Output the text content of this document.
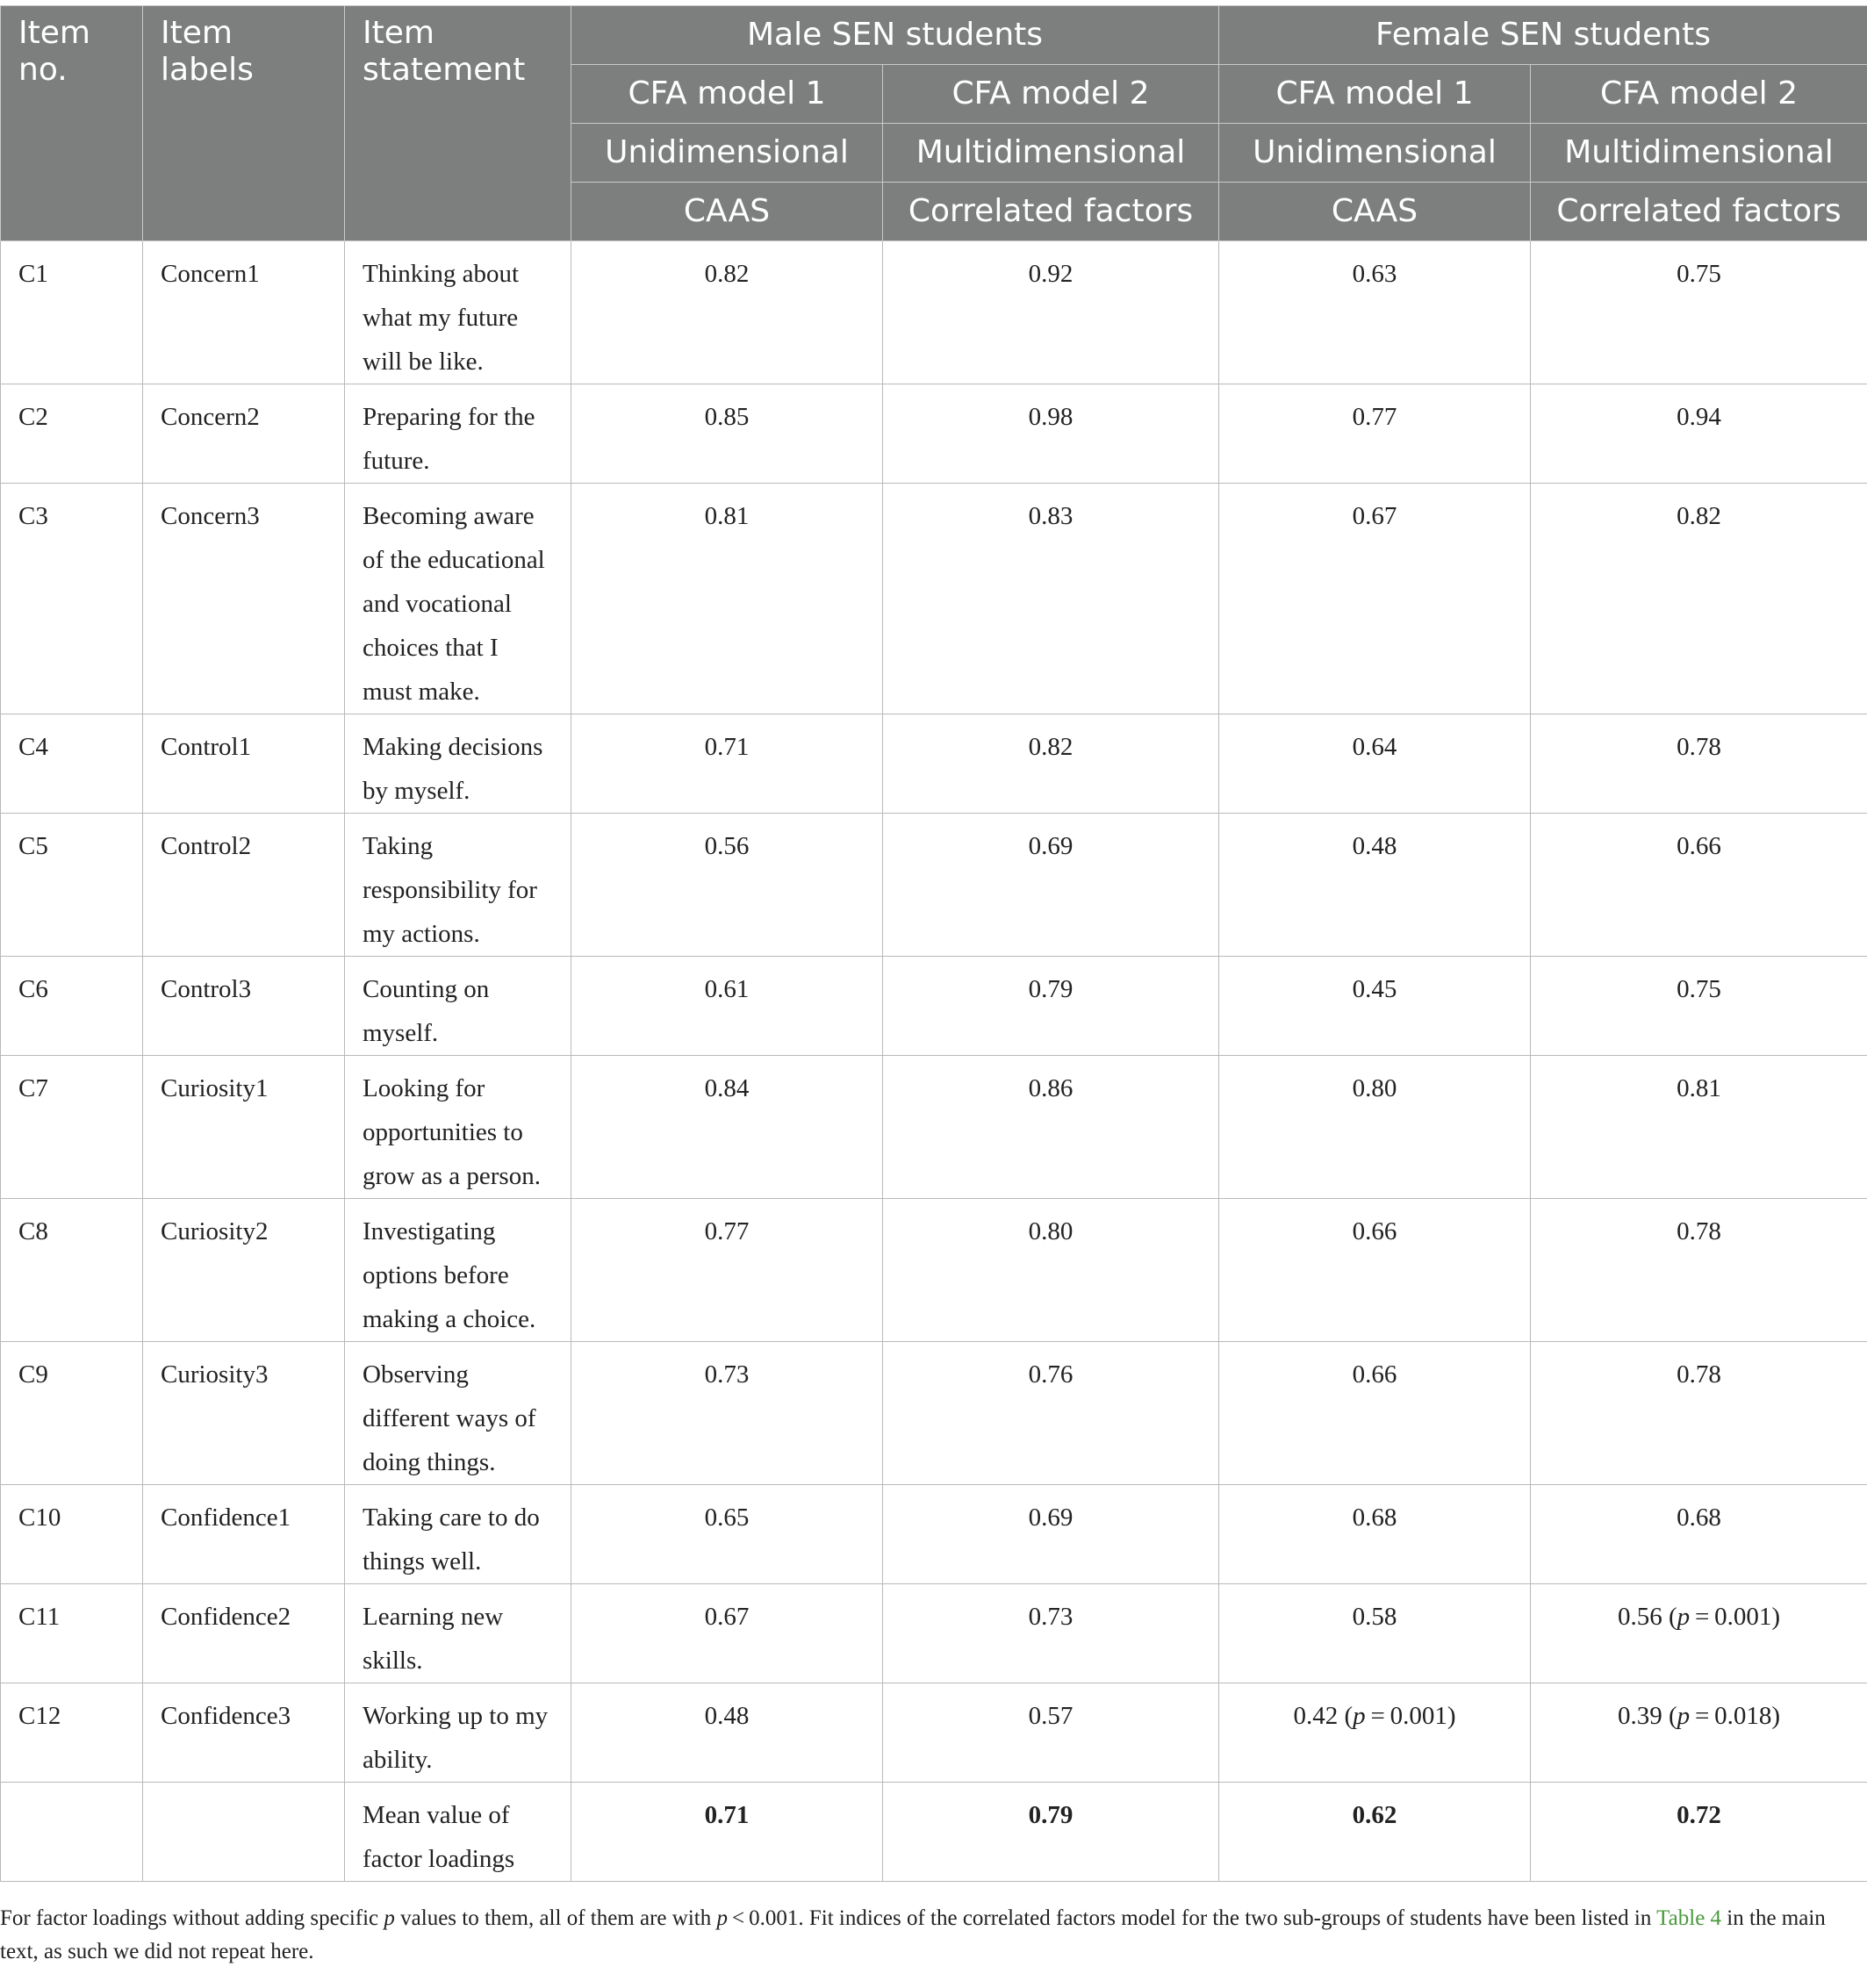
Item no.	Item labels	Item statement	Male SEN students		Female SEN students	
			CFA model 1	CFA model 2	CFA model 1	CFA model 2
			Unidimensional	Multidimensional	Unidimensional	Multidimensional
			CAAS	Correlated factors	CAAS	Correlated factors
C1	Concern1	Thinking about what my future will be like.	0.82	0.92	0.63	0.75
C2	Concern2	Preparing for the future.	0.85	0.98	0.77	0.94
C3	Concern3	Becoming aware of the educational and vocational choices that I must make.	0.81	0.83	0.67	0.82
C4	Control1	Making decisions by myself.	0.71	0.82	0.64	0.78
C5	Control2	Taking responsibility for my actions.	0.56	0.69	0.48	0.66
C6	Control3	Counting on myself.	0.61	0.79	0.45	0.75
C7	Curiosity1	Looking for opportunities to grow as a person.	0.84	0.86	0.80	0.81
C8	Curiosity2	Investigating options before making a choice.	0.77	0.80	0.66	0.78
C9	Curiosity3	Observing different ways of doing things.	0.73	0.76	0.66	0.78
C10	Confidence1	Taking care to do things well.	0.65	0.69	0.68	0.68
C11	Confidence2	Learning new skills.	0.67	0.73	0.58	0.56 (p = 0.001)
C12	Confidence3	Working up to my ability.	0.48	0.57	0.42 (p = 0.001)	0.39 (p = 0.018)
		Mean value of factor loadings	0.71	0.79	0.62	0.72
For factor loadings without adding specific p values to them, all of them are with p < 0.001. Fit indices of the correlated factors model for the two sub-groups of students have been listed in Table 4 in the main text, as such we did not repeat here.
